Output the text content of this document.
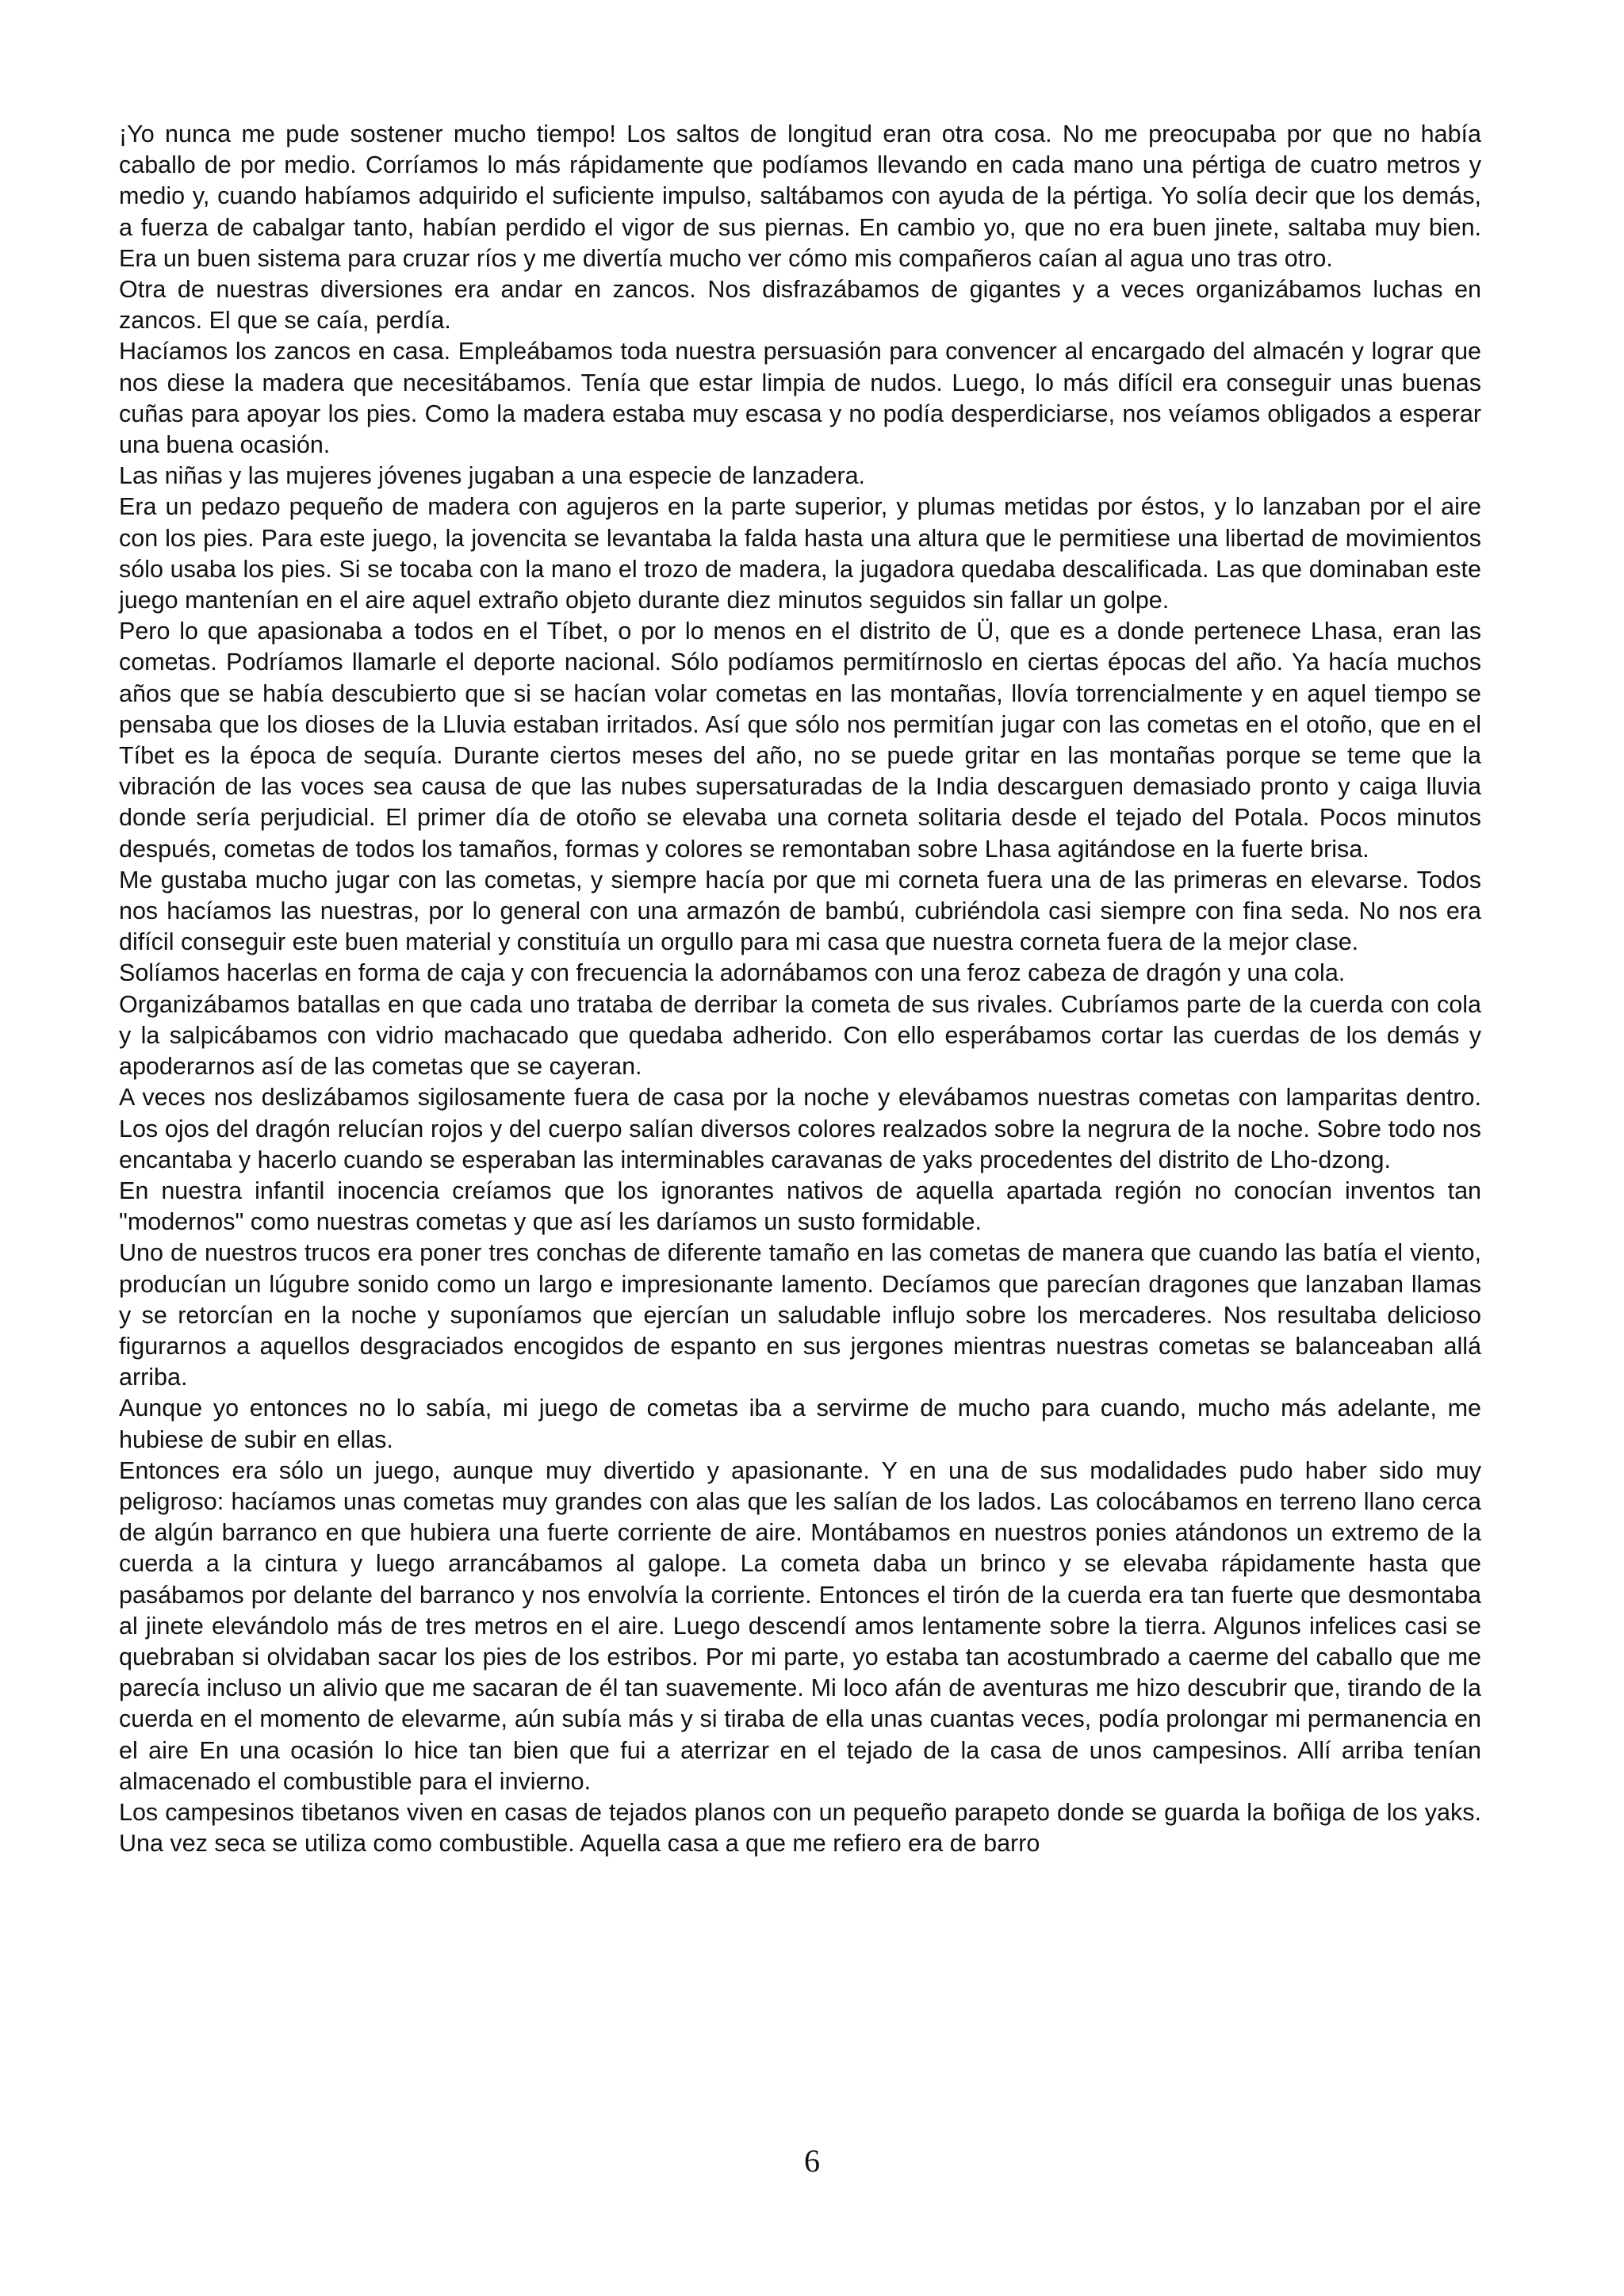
¡Yo nunca me pude sostener mucho tiempo! Los saltos de longitud eran otra cosa. No me preocupaba por que no había caballo de por medio. Corríamos lo más rápidamente que podíamos llevando en cada mano una pértiga de cuatro metros y medio y, cuando habíamos adquirido el suficiente impulso, saltábamos con ayuda de la pértiga. Yo solía decir que los demás, a fuerza de cabalgar tanto, habían perdido el vigor de sus piernas. En cambio yo, que no era buen jinete, saltaba muy bien. Era un buen sistema para cruzar ríos y me divertía mucho ver cómo mis compañeros caían al agua uno tras otro.

Otra de nuestras diversiones era andar en zancos. Nos disfrazábamos de gigantes y a veces organizábamos luchas en zancos. El que se caía, perdía.

Hacíamos los zancos en casa. Empleábamos toda nuestra persuasión para convencer al encargado del almacén y lograr que nos diese la madera que necesitábamos. Tenía que estar limpia de nudos. Luego, lo más difícil era conseguir unas buenas cuñas para apoyar los pies. Como la madera estaba muy escasa y no podía desperdiciarse, nos veíamos obligados a esperar una buena ocasión.

Las niñas y las mujeres jóvenes jugaban a una especie de lanzadera.

Era un pedazo pequeño de madera con agujeros en la parte superior, y plumas metidas por éstos, y lo lanzaban por el aire con los pies. Para este juego, la jovencita se levantaba la falda hasta una altura que le permitiese una libertad de movimientos sólo usaba los pies. Si se tocaba con la mano el trozo de madera, la jugadora quedaba descalificada. Las que dominaban este juego mantenían en el aire aquel extraño objeto durante diez minutos seguidos sin fallar un golpe.

Pero lo que apasionaba a todos en el Tíbet, o por lo menos en el distrito de Ü, que es a donde pertenece Lhasa, eran las cometas. Podríamos llamarle el deporte nacional. Sólo podíamos permitírnoslo en ciertas épocas del año. Ya hacía muchos años que se había descubierto que si se hacían volar cometas en las montañas, llovía torrencialmente y en aquel tiempo se pensaba que los dioses de la Lluvia estaban irritados. Así que sólo nos permitían jugar con las cometas en el otoño, que en el Tíbet es la época de sequía. Durante ciertos meses del año, no se puede gritar en las montañas porque se teme que la vibración de las voces sea causa de que las nubes supersaturadas de la India descarguen demasiado pronto y caiga lluvia donde sería perjudicial. El primer día de otoño se elevaba una corneta solitaria desde el tejado del Potala. Pocos minutos después, cometas de todos los tamaños, formas y colores se remontaban sobre Lhasa agitándose en la fuerte brisa.

Me gustaba mucho jugar con las cometas, y siempre hacía por que mi corneta fuera una de las primeras en elevarse. Todos nos hacíamos las nuestras, por lo general con una armazón de bambú, cubriéndola casi siempre con fina seda. No nos era difícil conseguir este buen material y constituía un orgullo para mi casa que nuestra corneta fuera de la mejor clase.

Solíamos hacerlas en forma de caja y con frecuencia la adornábamos con una feroz cabeza de dragón y una cola.

Organizábamos batallas en que cada uno trataba de derribar la cometa de sus rivales. Cubríamos parte de la cuerda con cola y la salpicábamos con vidrio machacado que quedaba adherido. Con ello esperábamos cortar las cuerdas de los demás y apoderarnos así de las cometas que se cayeran.

A veces nos deslizábamos sigilosamente fuera de casa por la noche y elevábamos nuestras cometas con lamparitas dentro. Los ojos del dragón relucían rojos y del cuerpo salían diversos colores realzados sobre la negrura de la noche. Sobre todo nos encantaba y hacerlo cuando se esperaban las interminables caravanas de yaks procedentes del distrito de Lho-dzong.

En nuestra infantil inocencia creíamos que los ignorantes nativos de aquella apartada región no conocían inventos tan "modernos" como nuestras cometas y que así les daríamos un susto formidable.

Uno de nuestros trucos era poner tres conchas de diferente tamaño en las cometas de manera que cuando las batía el viento, producían un lúgubre sonido como un largo e impresionante lamento. Decíamos que parecían dragones que lanzaban llamas y se retorcían en la noche y suponíamos que ejercían un saludable influjo sobre los mercaderes. Nos resultaba delicioso figurarnos a aquellos desgraciados encogidos de espanto en sus jergones mientras nuestras cometas se balanceaban allá arriba.

Aunque yo entonces no lo sabía, mi juego de cometas iba a servirme de mucho para cuando, mucho más adelante, me hubiese de subir en ellas.

Entonces era sólo un juego, aunque muy divertido y apasionante. Y en una de sus modalidades pudo haber sido muy peligroso: hacíamos unas cometas muy grandes con alas que les salían de los lados. Las colocábamos en terreno llano cerca de algún barranco en que hubiera una fuerte corriente de aire. Montábamos en nuestros ponies atándonos un extremo de la cuerda a la cintura y luego arrancábamos al galope. La cometa daba un brinco y se elevaba rápidamente hasta que pasábamos por delante del barranco y nos envolvía la corriente. Entonces el tirón de la cuerda era tan fuerte que desmontaba al jinete elevándolo más de tres metros en el aire. Luego descendí amos lentamente sobre la tierra. Algunos infelices casi se quebraban si olvidaban sacar los pies de los estribos. Por mi parte, yo estaba tan acostumbrado a caerme del caballo que me parecía incluso un alivio que me sacaran de él tan suavemente. Mi loco afán de aventuras me hizo descubrir que, tirando de la cuerda en el momento de elevarme, aún subía más y si tiraba de ella unas cuantas veces, podía prolongar mi permanencia en el aire En una ocasión lo hice tan bien que fui a aterrizar en el tejado de la casa de unos campesinos. Allí arriba tenían almacenado el combustible para el invierno.

Los campesinos tibetanos viven en casas de tejados planos con un pequeño parapeto donde se guarda la boñiga de los yaks. Una vez seca se utiliza como combustible. Aquella casa a que me refiero era de barro

6
